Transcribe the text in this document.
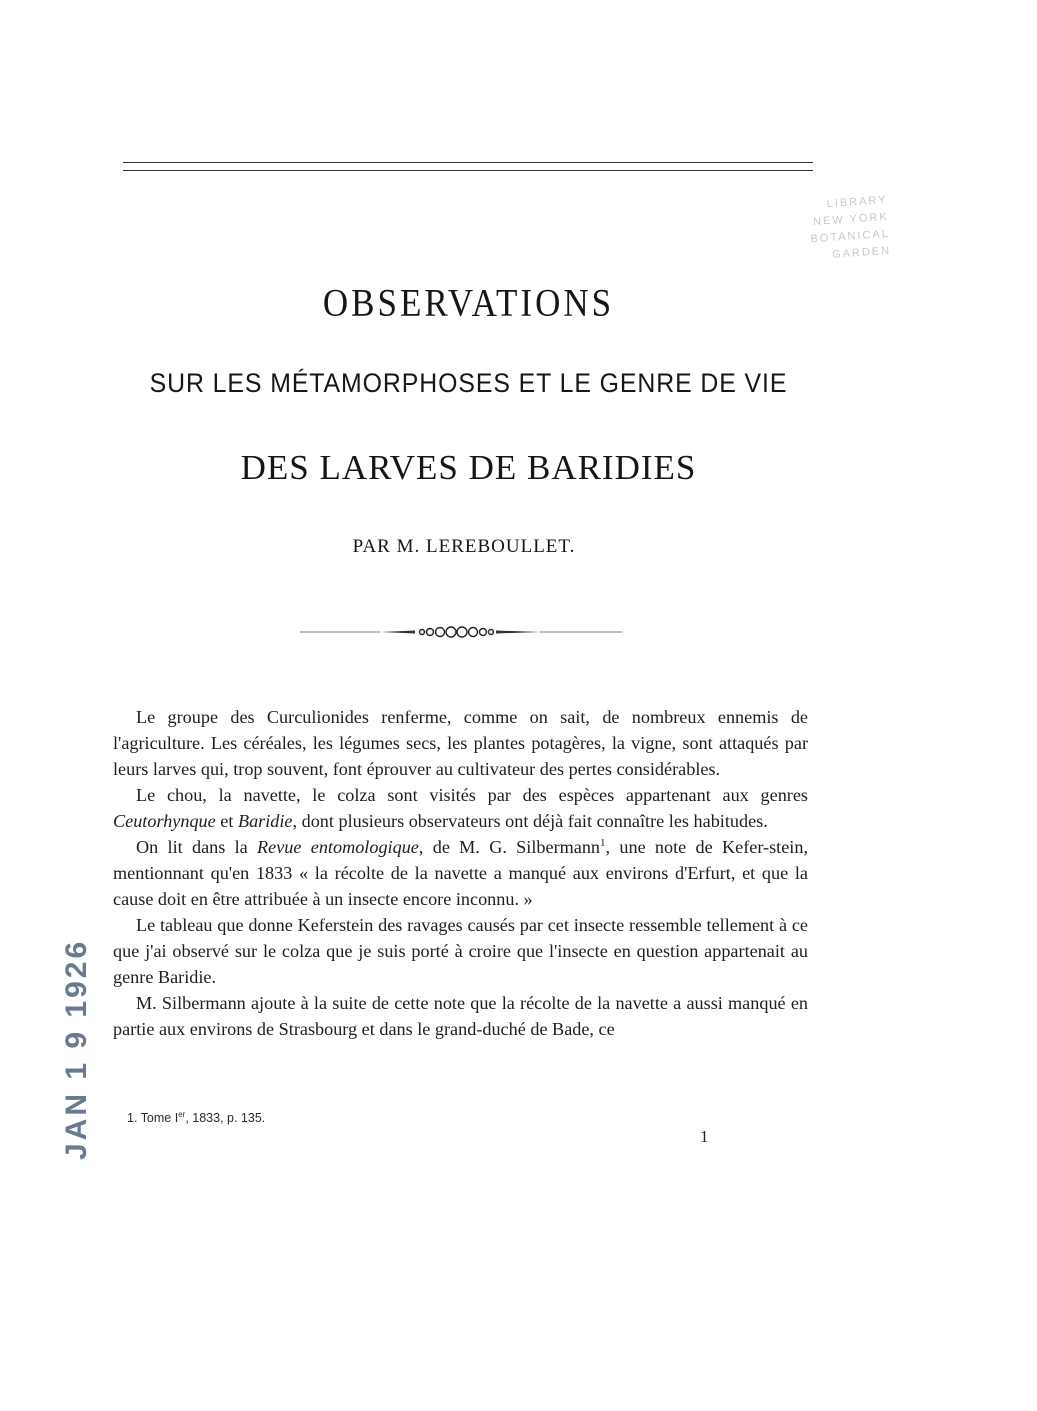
LIBRARY
NEW YORK
BOTANICAL
GARDEN
OBSERVATIONS
SUR LES MÉTAMORPHOSES ET LE GENRE DE VIE
DES LARVES DE BARIDIES
PAR M. LEREBOULLET.

Le groupe des Curculionides renferme, comme on sait, de nombreux ennemis de l'agriculture. Les céréales, les légumes secs, les plantes potagères, la vigne, sont attaqués par leurs larves qui, trop souvent, font éprouver au cultivateur des pertes considérables.

Le chou, la navette, le colza sont visités par des espèces appartenant aux genres Ceutorhynque et Baridie, dont plusieurs observateurs ont déjà fait connaître les habitudes.

On lit dans la Revue entomologique, de M. G. Silbermann$^1$, une note de Kefer-stein, mentionnant qu'en 1833 « la récolte de la navette a manqué aux environs d'Erfurt, et que la cause doit en être attribuée à un insecte encore inconnu. »

Le tableau que donne Keferstein des ravages causés par cet insecte ressemble tellement à ce que j'ai observé sur le colza que je suis porté à croire que l'insecte en question appartenait au genre Baridie.

M. Silbermann ajoute à la suite de cette note que la récolte de la navette a aussi manqué en partie aux environs de Strasbourg et dans le grand-duché de Bade, ce

1. Tome Ier, 1833, p. 135.
1
JAN 1 9 1926
